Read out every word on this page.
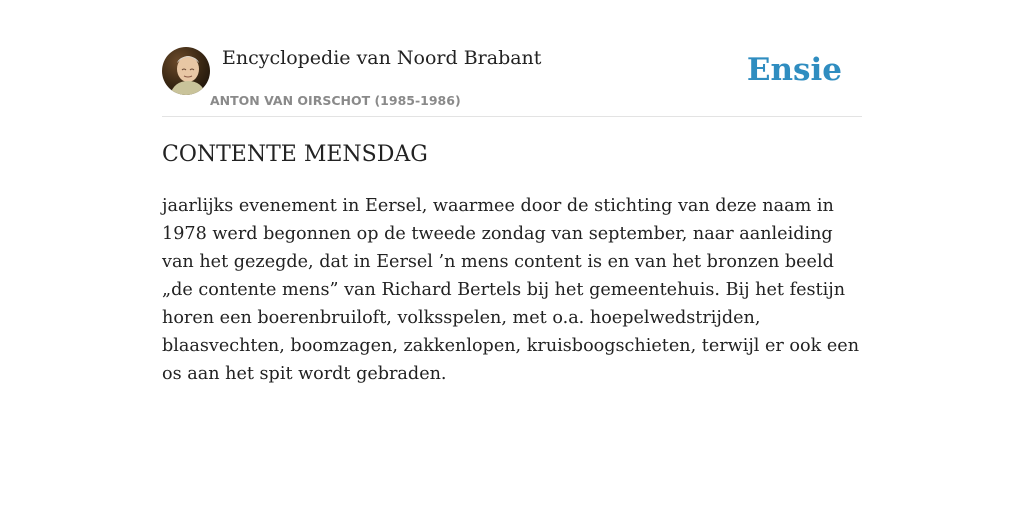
Encyclopedie van Noord Brabant
ANTON VAN OIRSCHOT (1985-1986)
Ensie
CONTENTE MENSDAG

jaarlijks evenement in Eersel, waarmee door de stichting van deze naam in 1978 werd begonnen op de tweede zondag van september, naar aanleiding van het gezegde, dat in Eersel ’n mens content is en van het bronzen beeld „de contente mens” van Richard Bertels bij het gemeentehuis. Bij het festijn horen een boerenbruiloft, volksspelen, met o.a. hoepelwedstrijden, blaasvechten, boomzagen, zakkenlopen, kruisboogschieten, terwijl er ook een os aan het spit wordt gebraden.
